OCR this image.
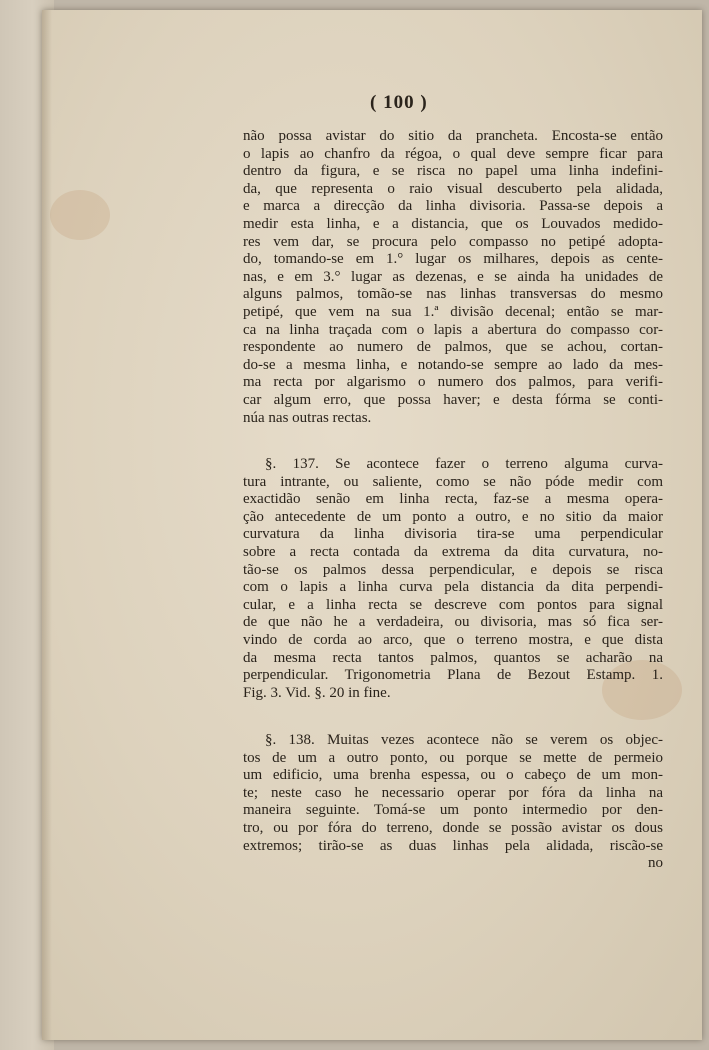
( 100 )
não possa avistar do sitio da prancheta. Encosta-se então
o lapis ao chanfro da régoa, o qual deve sempre ficar para
dentro da figura, e se risca no papel uma linha indefini-
da, que representa o raio visual descuberto pela alidada,
e marca a direcção da linha divisoria. Passa-se depois a
medir esta linha, e a distancia, que os Louvados medido-
res vem dar, se procura pelo compasso no petipé adopta-
do, tomando-se em 1.° lugar os milhares, depois as cente-
nas, e em 3.° lugar as dezenas, e se ainda ha unidades de
alguns palmos, tomão-se nas linhas transversas do mesmo
petipé, que vem na sua 1.ª divisão decenal; então se mar-
ca na linha traçada com o lapis a abertura do compasso cor-
respondente ao numero de palmos, que se achou, cortan-
do-se a mesma linha, e notando-se sempre ao lado da mes-
ma recta por algarismo o numero dos palmos, para verifi-
car algum erro, que possa haver; e desta fórma se conti-
núa nas outras rectas.
§. 137. Se acontece fazer o terreno alguma curva-
tura intrante, ou saliente, como se não póde medir com
exactidão senão em linha recta, faz-se a mesma opera-
ção antecedente de um ponto a outro, e no sitio da maior
curvatura da linha divisoria tira-se uma perpendicular
sobre a recta contada da extrema da dita curvatura, no-
tão-se os palmos dessa perpendicular, e depois se risca
com o lapis a linha curva pela distancia da dita perpendi-
cular, e a linha recta se descreve com pontos para signal
de que não he a verdadeira, ou divisoria, mas só fica ser-
vindo de corda ao arco, que o terreno mostra, e que dista
da mesma recta tantos palmos, quantos se acharão na
perpendicular. Trigonometria Plana de Bezout Estamp. 1.
Fig. 3. Vid. §. 20 in fine.
§. 138. Muitas vezes acontece não se verem os objec-
tos de um a outro ponto, ou porque se mette de permeio
um edificio, uma brenha espessa, ou o cabeço de um mon-
te; neste caso he necessario operar por fóra da linha na
maneira seguinte. Tomá-se um ponto intermedio por den-
tro, ou por fóra do terreno, donde se possão avistar os dous
extremos; tirão-se as duas linhas pela alidada, riscão-se
no
